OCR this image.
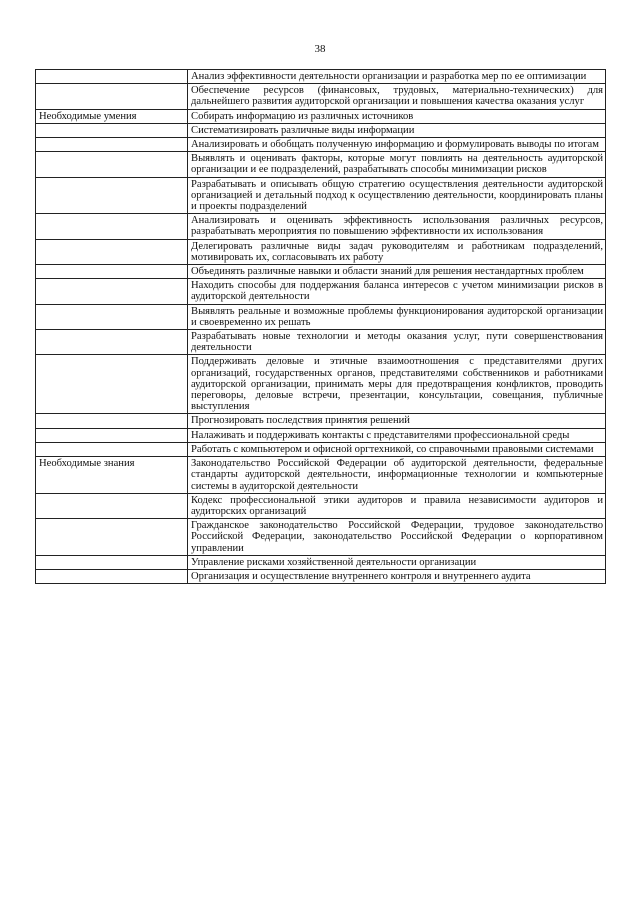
38
	Анализ эффективности деятельности организации и разработка мер по ее оптимизации
	Обеспечение ресурсов (финансовых, трудовых, материально-технических) для дальнейшего развития аудиторской организации и повышения качества оказания услуг
Необходимые умения	Собирать информацию из различных источников
	Систематизировать различные виды информации
	Анализировать и обобщать полученную информацию и формулировать выводы по итогам
	Выявлять и оценивать факторы, которые могут повлиять на деятельность аудиторской организации и ее подразделений, разрабатывать способы минимизации рисков
	Разрабатывать и описывать общую стратегию осуществления деятельности аудиторской организацией и детальный подход к осуществлению деятельности, координировать планы и проекты подразделений
	Анализировать и оценивать эффективность использования различных ресурсов, разрабатывать мероприятия по повышению эффективности их использования
	Делегировать различные виды задач руководителям и работникам подразделений, мотивировать их, согласовывать их работу
	Объединять различные навыки и области знаний для решения нестандартных проблем
	Находить способы для поддержания баланса интересов с учетом минимизации рисков в аудиторской деятельности
	Выявлять реальные и возможные проблемы функционирования аудиторской организации и своевременно их решать
	Разрабатывать новые технологии и методы оказания услуг, пути совершенствования деятельности
	Поддерживать деловые и этичные взаимоотношения с представителями других организаций, государственных органов, представителями собственников и работниками аудиторской организации, принимать меры для предотвращения конфликтов, проводить переговоры, деловые встречи, презентации, консультации, совещания, публичные выступления
	Прогнозировать последствия принятия решений
	Налаживать и поддерживать контакты с представителями профессиональной среды
	Работать с компьютером и офисной оргтехникой, со справочными правовыми системами
Необходимые знания	Законодательство Российской Федерации об аудиторской деятельности, федеральные стандарты аудиторской деятельности, информационные технологии и компьютерные системы в аудиторской деятельности
	Кодекс профессиональной этики аудиторов и правила независимости аудиторов и аудиторских организаций
	Гражданское законодательство Российской Федерации, трудовое законодательство Российской Федерации, законодательство Российской Федерации о корпоративном управлении
	Управление рисками хозяйственной деятельности организации
	Организация и осуществление внутреннего контроля и внутреннего аудита
